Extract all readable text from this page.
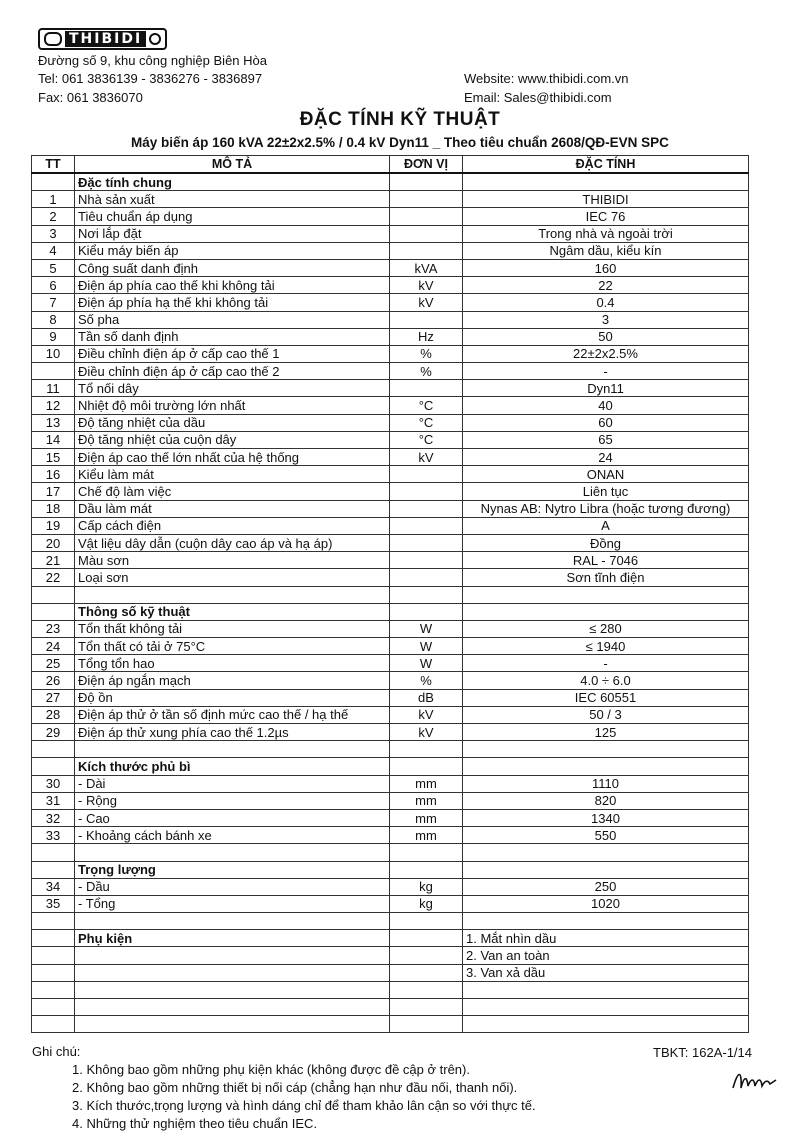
THIBIDI
Đường số 9, khu công nghiệp Biên Hòa
Tel: 061 3836139 - 3836276 - 3836897
Fax: 061 3836070
Website: www.thibidi.com.vn
Email: Sales@thibidi.com
ĐẶC TÍNH KỸ THUẬT
Máy biến áp 160 kVA 22±2x2.5% / 0.4 kV Dyn11 _ Theo tiêu chuẩn 2608/QĐ-EVN SPC
TT	MÔ TẢ	ĐƠN VỊ	ĐẶC TÍNH
	Đặc tính chung		
1	Nhà sản xuất		THIBIDI
2	Tiêu chuẩn áp dụng		IEC 76
3	Nơi lắp đặt		Trong nhà và ngoài trời
4	Kiểu máy biến áp		Ngâm dầu, kiểu kín
5	Công suất danh định	kVA	160
6	Điện áp phía cao thế khi không tải	kV	22
7	Điện áp phía hạ thế khi không tải	kV	0.4
8	Số pha		3
9	Tần số danh định	Hz	50
10	Điều chỉnh điện áp ở cấp cao thế 1	%	22±2x2.5%
	Điều chỉnh điện áp ở cấp cao thế 2	%	-
11	Tổ nối dây		Dyn11
12	Nhiệt độ môi trường lớn nhất	°C	40
13	Độ tăng nhiệt của dầu	°C	60
14	Độ tăng nhiệt của cuộn dây	°C	65
15	Điện áp cao thế lớn nhất của hệ thống	kV	24
16	Kiểu làm mát		ONAN
17	Chế độ làm việc		Liên tục
18	Dầu làm mát		Nynas AB: Nytro Libra (hoặc tương đương)
19	Cấp cách điện		A
20	Vật liệu dây dẫn (cuộn dây cao áp và hạ áp)		Đồng
21	Màu sơn		RAL - 7046
22	Loại sơn		Sơn tĩnh điện

	Thông số kỹ thuật		
23	Tổn thất không tải	W	≤ 280
24	Tổn thất có tải ở 75°C	W	≤ 1940
25	Tổng tổn hao	W	-
26	Điện áp ngắn mạch	%	4.0 ÷ 6.0
27	Độ ồn	dB	IEC 60551
28	Điện áp thử ở tần số định mức cao thế / hạ thế	kV	50 / 3
29	Điện áp thử xung phía cao thế 1.2µs	kV	125

	Kích thước phủ bì		
30	- Dài	mm	1110
31	- Rộng	mm	820
32	- Cao	mm	1340
33	- Khoảng cách bánh xe	mm	550

	Trọng lượng		
34	- Dầu	kg	250
35	- Tổng	kg	1020

	Phụ kiện		1. Mắt nhìn dầu
			2. Van an toàn
			3. Van xả dầu

Ghi chú:
1. Không bao gồm những phụ kiện khác (không được đề cập ở trên).
2. Không bao gồm những thiết bị nối cáp (chẳng hạn như đầu nối, thanh nối).
3. Kích thước,trọng lượng và hình dáng chỉ để tham khảo lân cận so với thực tế.
4. Những thử nghiệm theo tiêu chuẩn IEC.
TBKT: 162A-1/14
